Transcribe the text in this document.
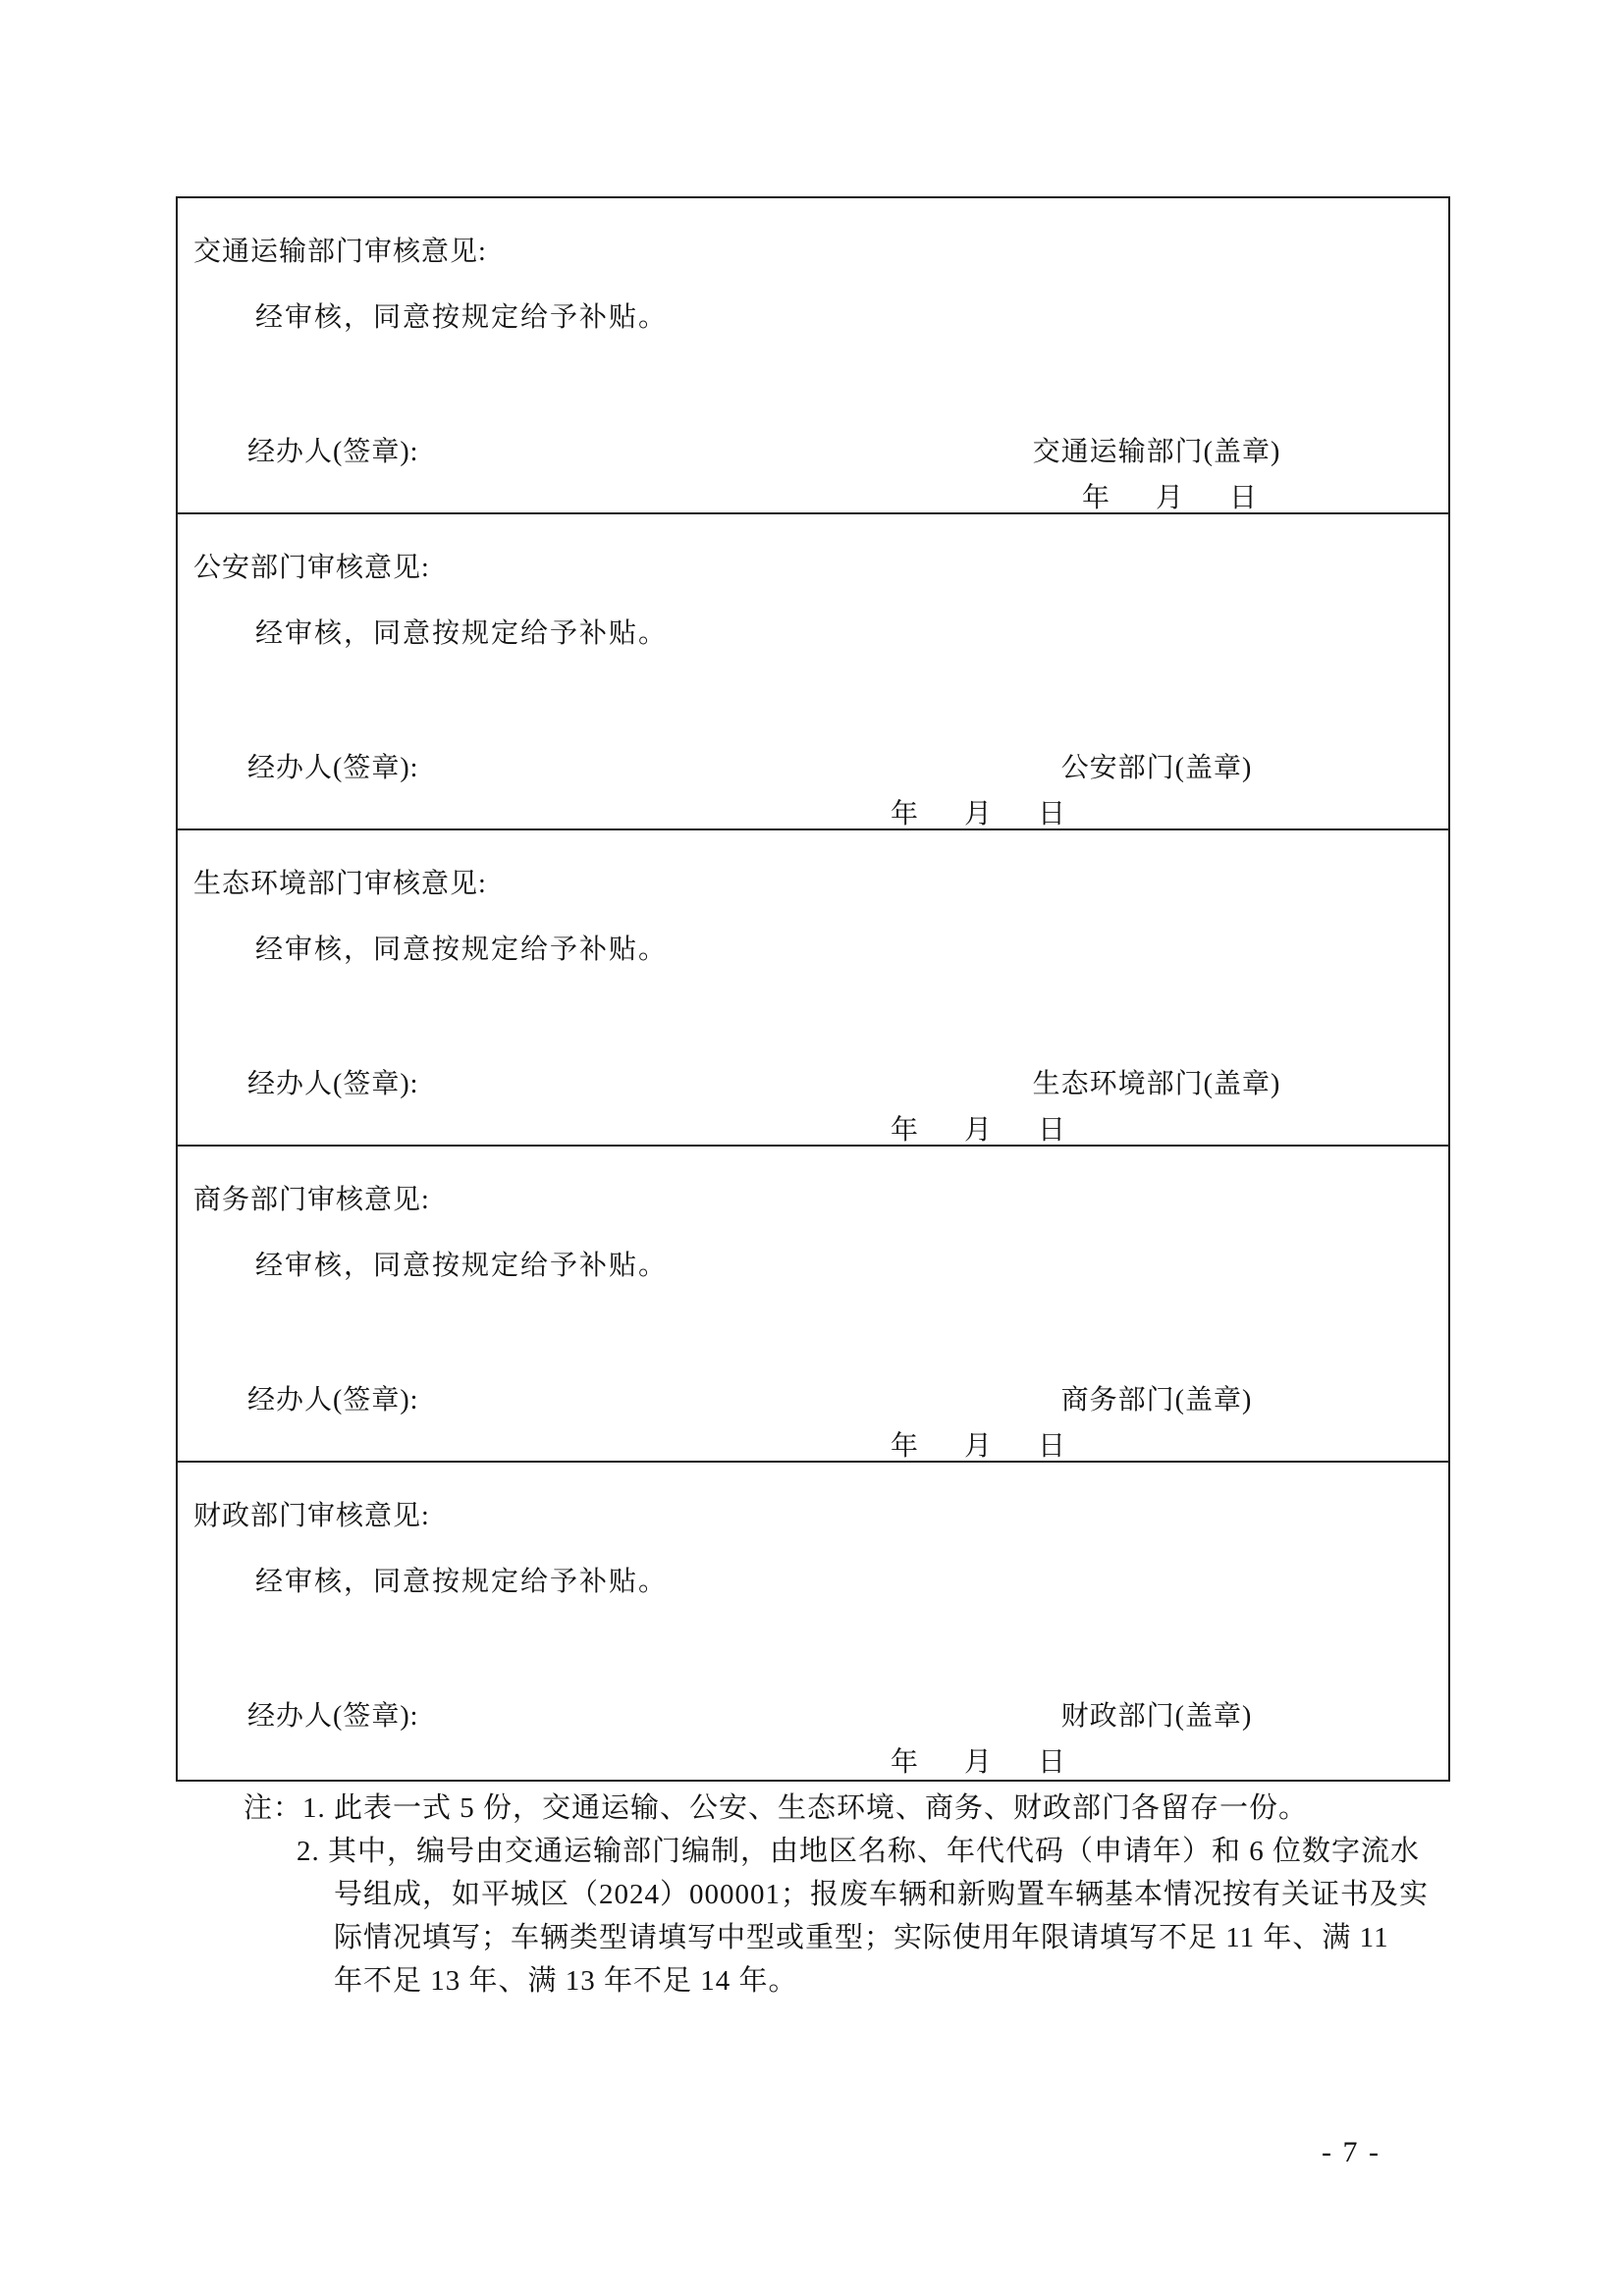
交通运输部门审核意见:
经审核，同意按规定给予补贴。
经办人(签章):	交通运输部门(盖章)
年 月 日
公安部门审核意见:
经审核，同意按规定给予补贴。
经办人(签章):	公安部门(盖章)
年 月 日
生态环境部门审核意见:
经审核，同意按规定给予补贴。
经办人(签章):	生态环境部门(盖章)
年 月 日
商务部门审核意见:
经审核，同意按规定给予补贴。
经办人(签章):	商务部门(盖章)
年 月 日
财政部门审核意见:
经审核，同意按规定给予补贴。
经办人(签章):	财政部门(盖章)
年 月 日
注：1. 此表一式 5 份，交通运输、公安、生态环境、商务、财政部门各留存一份。
2. 其中，编号由交通运输部门编制，由地区名称、年代代码（申请年）和 6 位数字流水
号组成，如平城区（2024）000001；报废车辆和新购置车辆基本情况按有关证书及实
际情况填写；车辆类型请填写中型或重型；实际使用年限请填写不足 11 年、满 11
年不足 13 年、满 13 年不足 14 年。
- 7 -
